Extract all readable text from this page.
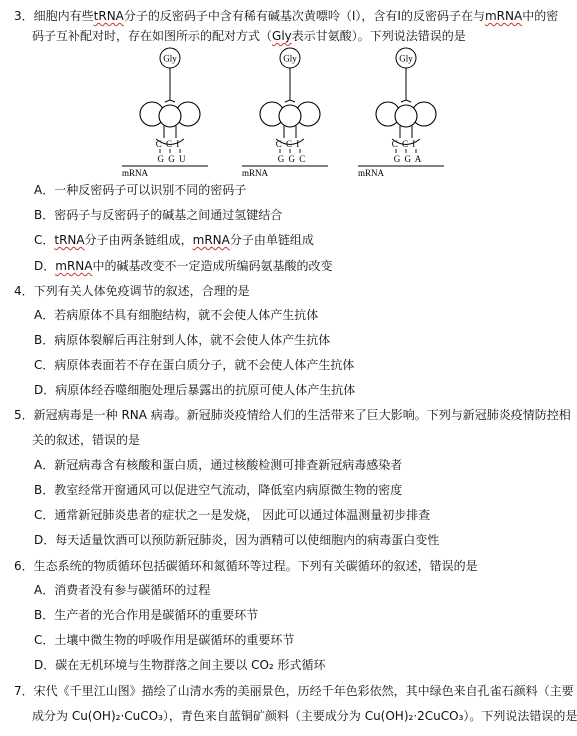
3．细胞内有些tRNA分子的反密码子中含有稀有碱基次黄嘌呤（I），含有I的反密码子在与mRNA中的密
码子互补配对时，存在如图所示的配对方式（Gly表示甘氨酸）。下列说法错误的是
Gly
C C I
G G U
mRNA
Gly
C C I
G G C
mRNA
Gly
C C I
G G A
mRNA
A．一种反密码子可以识别不同的密码子
B．密码子与反密码子的碱基之间通过氢键结合
C．tRNA分子由两条链组成，mRNA分子由单链组成
D．mRNA中的碱基改变不一定造成所编码氨基酸的改变
4．下列有关人体免疫调节的叙述，合理的是
A．若病原体不具有细胞结构，就不会使人体产生抗体
B．病原体裂解后再注射到人体，就不会使人体产生抗体
C．病原体表面若不存在蛋白质分子，就不会使人体产生抗体
D．病原体经吞噬细胞处理后暴露出的抗原可使人体产生抗体
5．新冠病毒是一种 RNA 病毒。新冠肺炎疫情给人们的生活带来了巨大影响。下列与新冠肺炎疫情防控相
关的叙述，错误的是
A．新冠病毒含有核酸和蛋白质，通过核酸检测可排查新冠病毒感染者
B．教室经常开窗通风可以促进空气流动，降低室内病原微生物的密度
C．通常新冠肺炎患者的症状之一是发烧， 因此可以通过体温测量初步排查
D．每天适量饮酒可以预防新冠肺炎，因为酒精可以使细胞内的病毒蛋白变性
6．生态系统的物质循环包括碳循环和氮循环等过程。下列有关碳循环的叙述，错误的是
A．消费者没有参与碳循环的过程
B．生产者的光合作用是碳循环的重要环节
C．土壤中微生物的呼吸作用是碳循环的重要环节
D．碳在无机环境与生物群落之间主要以 CO₂ 形式循环
7．宋代《千里江山图》描绘了山清水秀的美丽景色，历经千年色彩依然，其中绿色来自孔雀石颜料（主要
成分为 Cu(OH)₂·CuCO₃），青色来自蓝铜矿颜料（主要成分为 Cu(OH)₂·2CuCO₃）。下列说法错误的是
